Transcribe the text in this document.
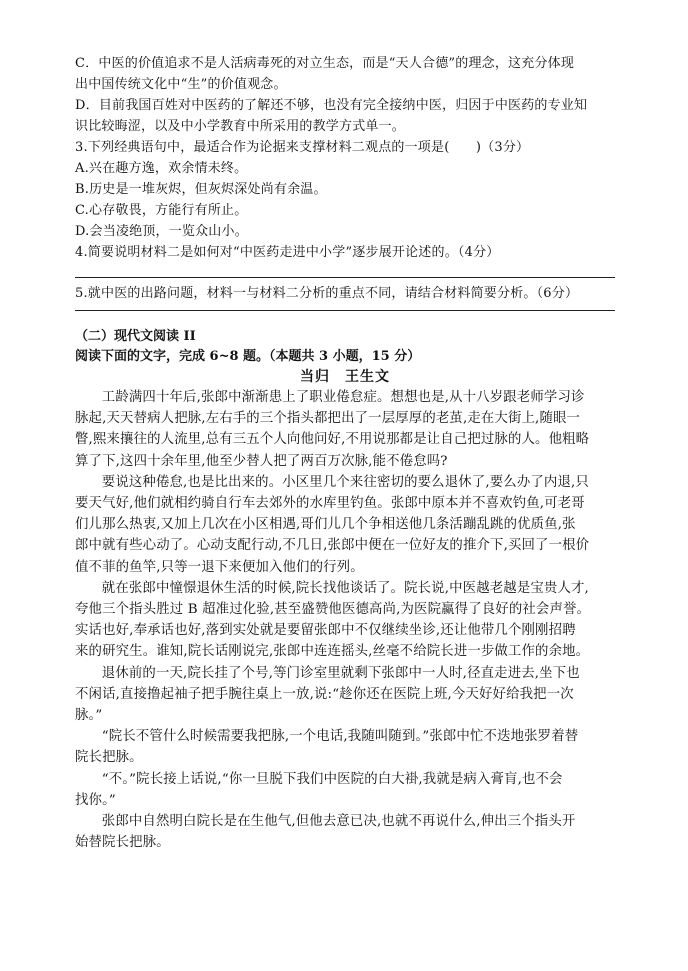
C．中医的价值追求不是人活病毒死的对立生态，而是“天人合德”的理念，这充分体现
出中国传统文化中“生”的价值观念。
D．目前我国百姓对中医药的了解还不够，也没有完全接纳中医，归因于中医药的专业知
识比较晦涩，以及中小学教育中所采用的教学方式单一。
3.下列经典语句中，最适合作为论据来支撑材料二观点的一项是(　　)（3分）
A.兴在趣方逸，欢余情未终。
B.历史是一堆灰烬，但灰烬深处尚有余温。
C.心存敬畏，方能行有所止。
D.会当凌绝顶，一览众山小。
4.简要说明材料二是如何对“中医药走进中小学”逐步展开论述的。（4分）
5.就中医的出路问题，材料一与材料二分析的重点不同，请结合材料简要分析。（6分）
（二）现代文阅读 II
阅读下面的文字，完成 6~8 题。（本题共 3 小题，15 分）
当归　王生文

工龄满四十年后,张郎中渐渐患上了职业倦怠症。想想也是,从十八岁跟老师学习诊
脉起,天天替病人把脉,左右手的三个指头都把出了一层厚厚的老茧,走在大街上,随眼一
瞥,熙来攘往的人流里,总有三五个人向他问好,不用说那都是让自己把过脉的人。他粗略
算了下,这四十余年里,他至少替人把了两百万次脉,能不倦怠吗?

要说这种倦怠,也是比出来的。小区里几个来往密切的要么退休了,要么办了内退,只
要天气好,他们就相约骑自行车去郊外的水库里钓鱼。张郎中原本并不喜欢钓鱼,可老哥
们儿那么热衷,又加上几次在小区相遇,哥们儿几个争相送他几条活蹦乱跳的优质鱼,张
郎中就有些心动了。心动支配行动,不几日,张郎中便在一位好友的推介下,买回了一根价
值不菲的鱼竿,只等一退下来便加入他们的行列。

就在张郎中憧憬退休生活的时候,院长找他谈话了。院长说,中医越老越是宝贵人才,
夸他三个指头胜过 B 超准过化验,甚至盛赞他医德高尚,为医院赢得了良好的社会声誉。
实话也好,奉承话也好,落到实处就是要留张郎中不仅继续坐诊,还让他带几个刚刚招聘
来的研究生。谁知,院长话刚说完,张郎中连连摇头,丝毫不给院长进一步做工作的余地。

退休前的一天,院长挂了个号,等门诊室里就剩下张郎中一人时,径直走进去,坐下也
不闲话,直接撸起袖子把手腕往桌上一放,说:“趁你还在医院上班,今天好好给我把一次
脉。”

“院长不管什么时候需要我把脉,一个电话,我随叫随到。”张郎中忙不迭地张罗着替
院长把脉。

“不。”院长接上话说,“你一旦脱下我们中医院的白大褂,我就是病入膏肓,也不会
找你。”

张郎中自然明白院长是在生他气,但他去意已决,也就不再说什么,伸出三个指头开
始替院长把脉。
